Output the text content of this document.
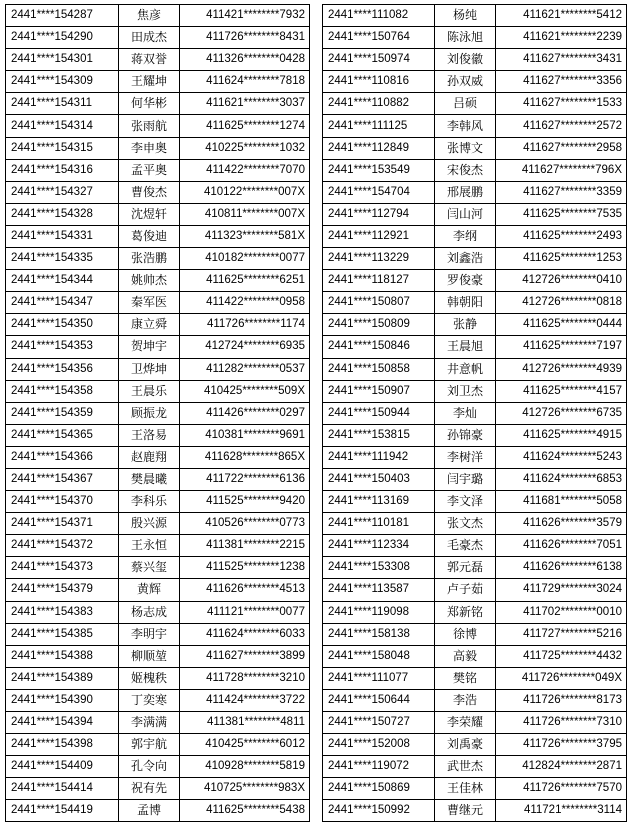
2441****154287	焦彦	411421********7932
2441****154290	田成杰	411726********8431
2441****154301	蒋双誉	411326********0428
2441****154309	王耀坤	411624********7818
2441****154311	何华彬	411621********3037
2441****154314	张雨航	411625********1274
2441****154315	李申奥	410225********1032
2441****154316	孟平奥	411422********7070
2441****154327	曹俊杰	410122********007X
2441****154328	沈煜轩	410811********007X
2441****154331	葛俊迪	411323********581X
2441****154335	张浩鹏	410182********0077
2441****154344	姚帅杰	411625********6251
2441****154347	秦军医	411422********0958
2441****154350	康立舜	411726********1174
2441****154353	贺坤宇	412724********6935
2441****154356	卫烨坤	411282********0537
2441****154358	王晨乐	410425********509X
2441****154359	顾振龙	411426********0297
2441****154365	王洛易	410381********9691
2441****154366	赵鹿翔	411628********865X
2441****154367	樊晨曦	411722********6136
2441****154370	李科乐	411525********9420
2441****154371	殷兴源	410526********0773
2441****154372	王永恒	411381********2215
2441****154373	蔡兴玺	411525********1238
2441****154379	黄辉	411626********4513
2441****154383	杨志成	411121********0077
2441****154385	李明宇	411624********6033
2441****154388	柳顺堃	411627********3899
2441****154389	姬槐秩	411728********3210
2441****154390	丁奕寒	411424********3722
2441****154394	李满满	411381********4811
2441****154398	郭宇航	410425********6012
2441****154409	孔令向	410928********5819
2441****154414	祝有先	410725********983X
2441****154419	孟博	411625********5438
2441****111082	杨纯	411621********5412
2441****150764	陈泳旭	411621********2239
2441****150974	刘俊徽	411627********3431
2441****110816	孙双威	411627********3356
2441****110882	吕硕	411627********1533
2441****111125	李韩风	411627********2572
2441****112849	张博文	411627********2958
2441****153549	宋俊杰	411627********796X
2441****154704	邢展鹏	411627********3359
2441****112794	闫山河	411625********7535
2441****112921	李纲	411625********2493
2441****113229	刘鑫浩	411625********1253
2441****118127	罗俊豪	412726********0410
2441****150807	韩朝阳	412726********0818
2441****150809	张静	411625********0444
2441****150846	王晨旭	411625********7197
2441****150858	井意帆	412726********4939
2441****150907	刘卫杰	411625********4157
2441****150944	李灿	412726********6735
2441****153815	孙锦豪	411625********4915
2441****111942	李树洋	411624********5243
2441****150403	闫宇璐	411624********6853
2441****113169	李文泽	411681********5058
2441****110181	张文杰	411626********3579
2441****112334	毛豪杰	411626********7051
2441****153308	郭元磊	411626********6138
2441****113587	卢子茹	411729********3024
2441****119098	郑新铭	411702********0010
2441****158138	徐博	411727********5216
2441****158048	高毅	411725********4432
2441****111077	樊铭	411726********049X
2441****150644	李浩	411726********8173
2441****150727	李荣耀	411726********7310
2441****152008	刘禹豪	411726********3795
2441****119072	武世杰	412824********2871
2441****150869	王佳林	411726********7570
2441****150992	曹继元	411721********3114
